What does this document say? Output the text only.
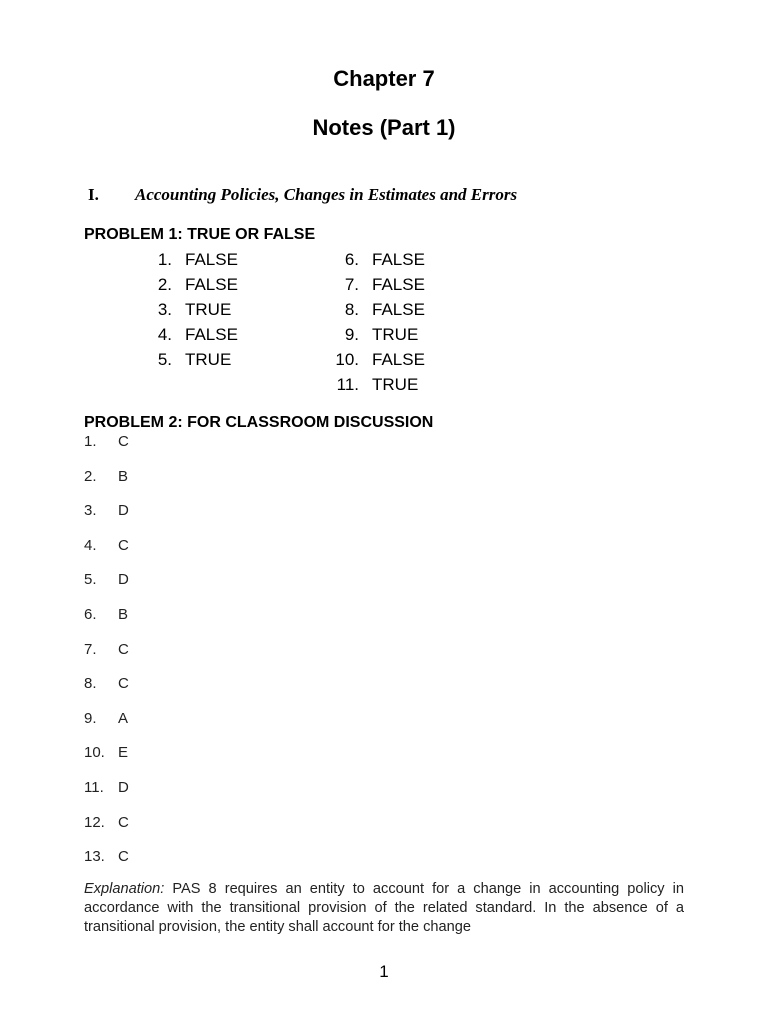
Chapter 7
Notes (Part 1)
I. Accounting Policies, Changes in Estimates and Errors
PROBLEM 1: TRUE OR FALSE
1. FALSE
2. FALSE
3. TRUE
4. FALSE
5. TRUE
6. FALSE
7. FALSE
8. FALSE
9. TRUE
10. FALSE
11. TRUE
PROBLEM 2: FOR CLASSROOM DISCUSSION
1. C
2. B
3. D
4. C
5. D
6. B
7. C
8. C
9. A
10. E
11. D
12. C
13. C

Explanation: PAS 8 requires an entity to account for a change in accounting policy in accordance with the transitional provision of the related standard. In the absence of a transitional provision, the entity shall account for the change

1
